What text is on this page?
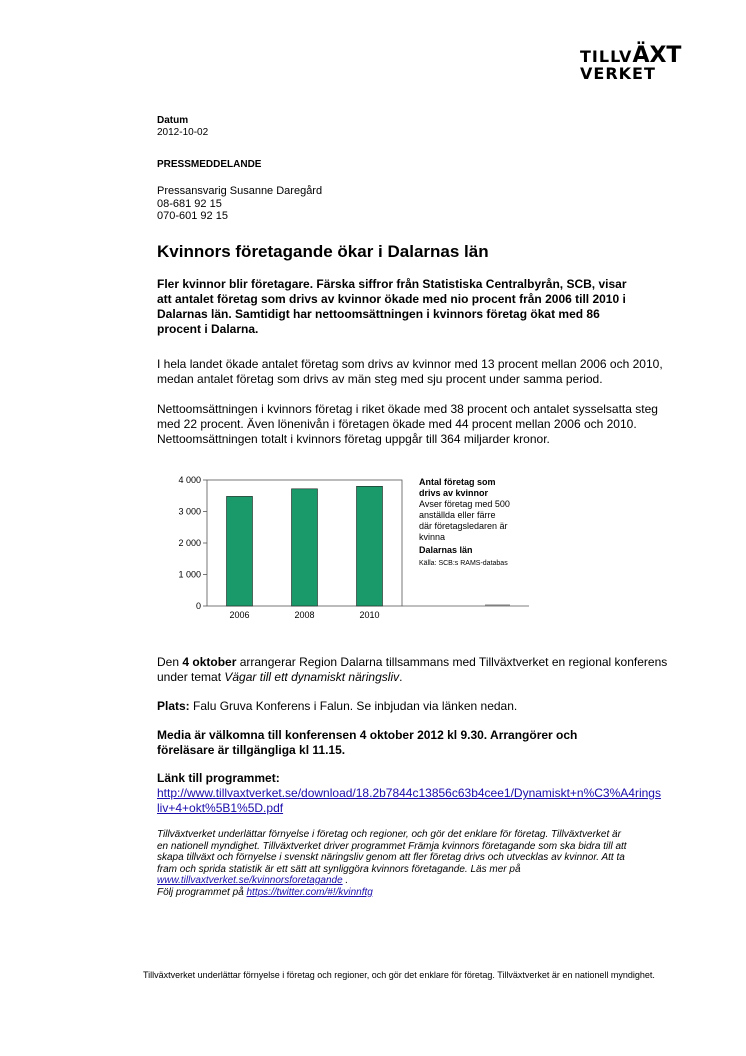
TILLVÄXT
VERKET

Datum

2012-10-02

PRESSMEDDELANDE

Pressansvarig Susanne Daregård
08-681 92 15
070-601 92 15
Kvinnors företagande ökar i Dalarnas län

Fler kvinnor blir företagare. Färska siffror från Statistiska Centralbyrån, SCB, visar att antalet företag som drivs av kvinnor ökade med nio procent från 2006 till 2010 i Dalarnas län. Samtidigt har nettoomsättningen i kvinnors företag ökat med 86 procent i Dalarna.

I hela landet ökade antalet företag som drivs av kvinnor med 13 procent mellan 2006 och 2010, medan antalet företag som drivs av män steg med sju procent under samma period.

Nettoomsättningen i kvinnors företag i riket ökade med 38 procent och antalet sysselsatta steg med 22 procent. Även lönenivån i företagen ökade med 44 procent mellan 2006 och 2010. Nettoomsättningen totalt i kvinnors företag uppgår till 364 miljarder kronor.

0
1 000
2 000
3 000
4 000
2006	2008	2010
Antal företag som drivs av kvinnor
Avser företag med 500 anställda eller färre där företagsledaren är kvinna
Dalarnas län
Källa: SCB:s RAMS-databas

Den 4 oktober arrangerar Region Dalarna tillsammans med Tillväxtverket en regional konferens under temat Vägar till ett dynamiskt näringsliv.

Plats: Falu Gruva Konferens i Falun. Se inbjudan via länken nedan.

Media är välkomna till konferensen 4 oktober 2012 kl 9.30. Arrangörer och föreläsare är tillgängliga kl 11.15.

Länk till programmet:

http://www.tillvaxtverket.se/download/18.2b7844c13856c63b4cee1/Dynamiskt+n%C3%A4ringsliv+4+okt%5B1%5D.pdf

Tillväxtverket underlättar förnyelse i företag och regioner, och gör det enklare för företag. Tillväxtverket är en nationell myndighet. Tillväxtverket driver programmet Främja kvinnors företagande som ska bidra till att skapa tillväxt och förnyelse i svenskt näringsliv genom att fler företag drivs och utvecklas av kvinnor. Att ta fram och sprida statistik är ett sätt att synliggöra kvinnors företagande. Läs mer på www.tillvaxtverket.se/kvinnorsforetagande .
Följ programmet på https://twitter.com/#!/kvinnftg

Tillväxtverket underlättar förnyelse i företag och regioner, och gör det enklare för företag. Tillväxtverket är en nationell myndighet.
